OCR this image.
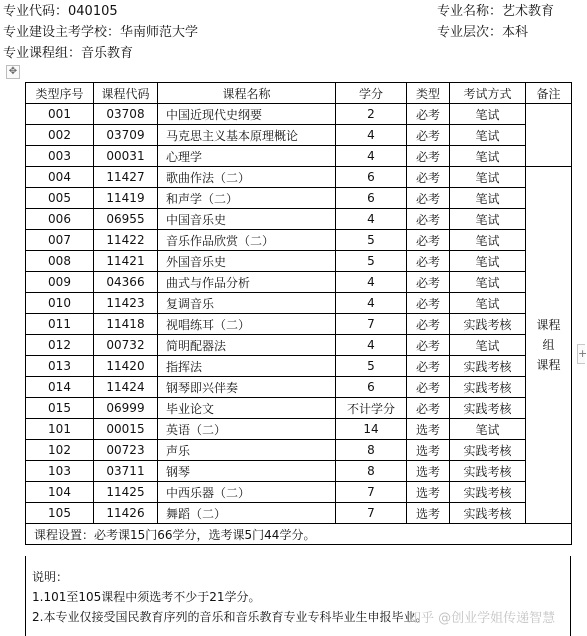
专业代码：040105	专业名称：艺术教育
专业建设主考学校：华南师范大学	专业层次：本科
专业课程组：音乐教育
✥
+
类型序号	课程代码	课程名称	学分	类型	考试方式	备注
001	03708	中国近现代史纲要	2	必考	笔试	
002	03709	马克思主义基本原理概论	4	必考	笔试	
003	00031	心理学	4	必考	笔试	
004	11427	歌曲作法（二）	6	必考	笔试	课程
组
课程

005	11419	和声学（二）	6	必考	笔试	
006	06955	中国音乐史	4	必考	笔试	
007	11422	音乐作品欣赏（二）	5	必考	笔试	
008	11421	外国音乐史	5	必考	笔试	
009	04366	曲式与作品分析	4	必考	笔试	
010	11423	复调音乐	4	必考	笔试	
011	11418	视唱练耳（二）	7	必考	实践考核	
012	00732	简明配器法	4	必考	笔试	
013	11420	指挥法	5	必考	实践考核	
014	11424	钢琴即兴伴奏	6	必考	实践考核	
015	06999	毕业论文	不计学分	必考	实践考核	
101	00015	英语（二）	14	选考	笔试	
102	00723	声乐	8	选考	实践考核	
103	03711	钢琴	8	选考	实践考核	
104	11425	中西乐器（二）	7	选考	实践考核	
105	11426	舞蹈（二）	7	选考	实践考核	
课程设置：必考课15门66学分，选考课5门44学分。						
说明：
1.101至105课程中须选考不少于21学分。
2.本专业仅接受国民教育序列的音乐和音乐教育专业专科毕业生申报毕业。
知乎 @创业学姐传递智慧
